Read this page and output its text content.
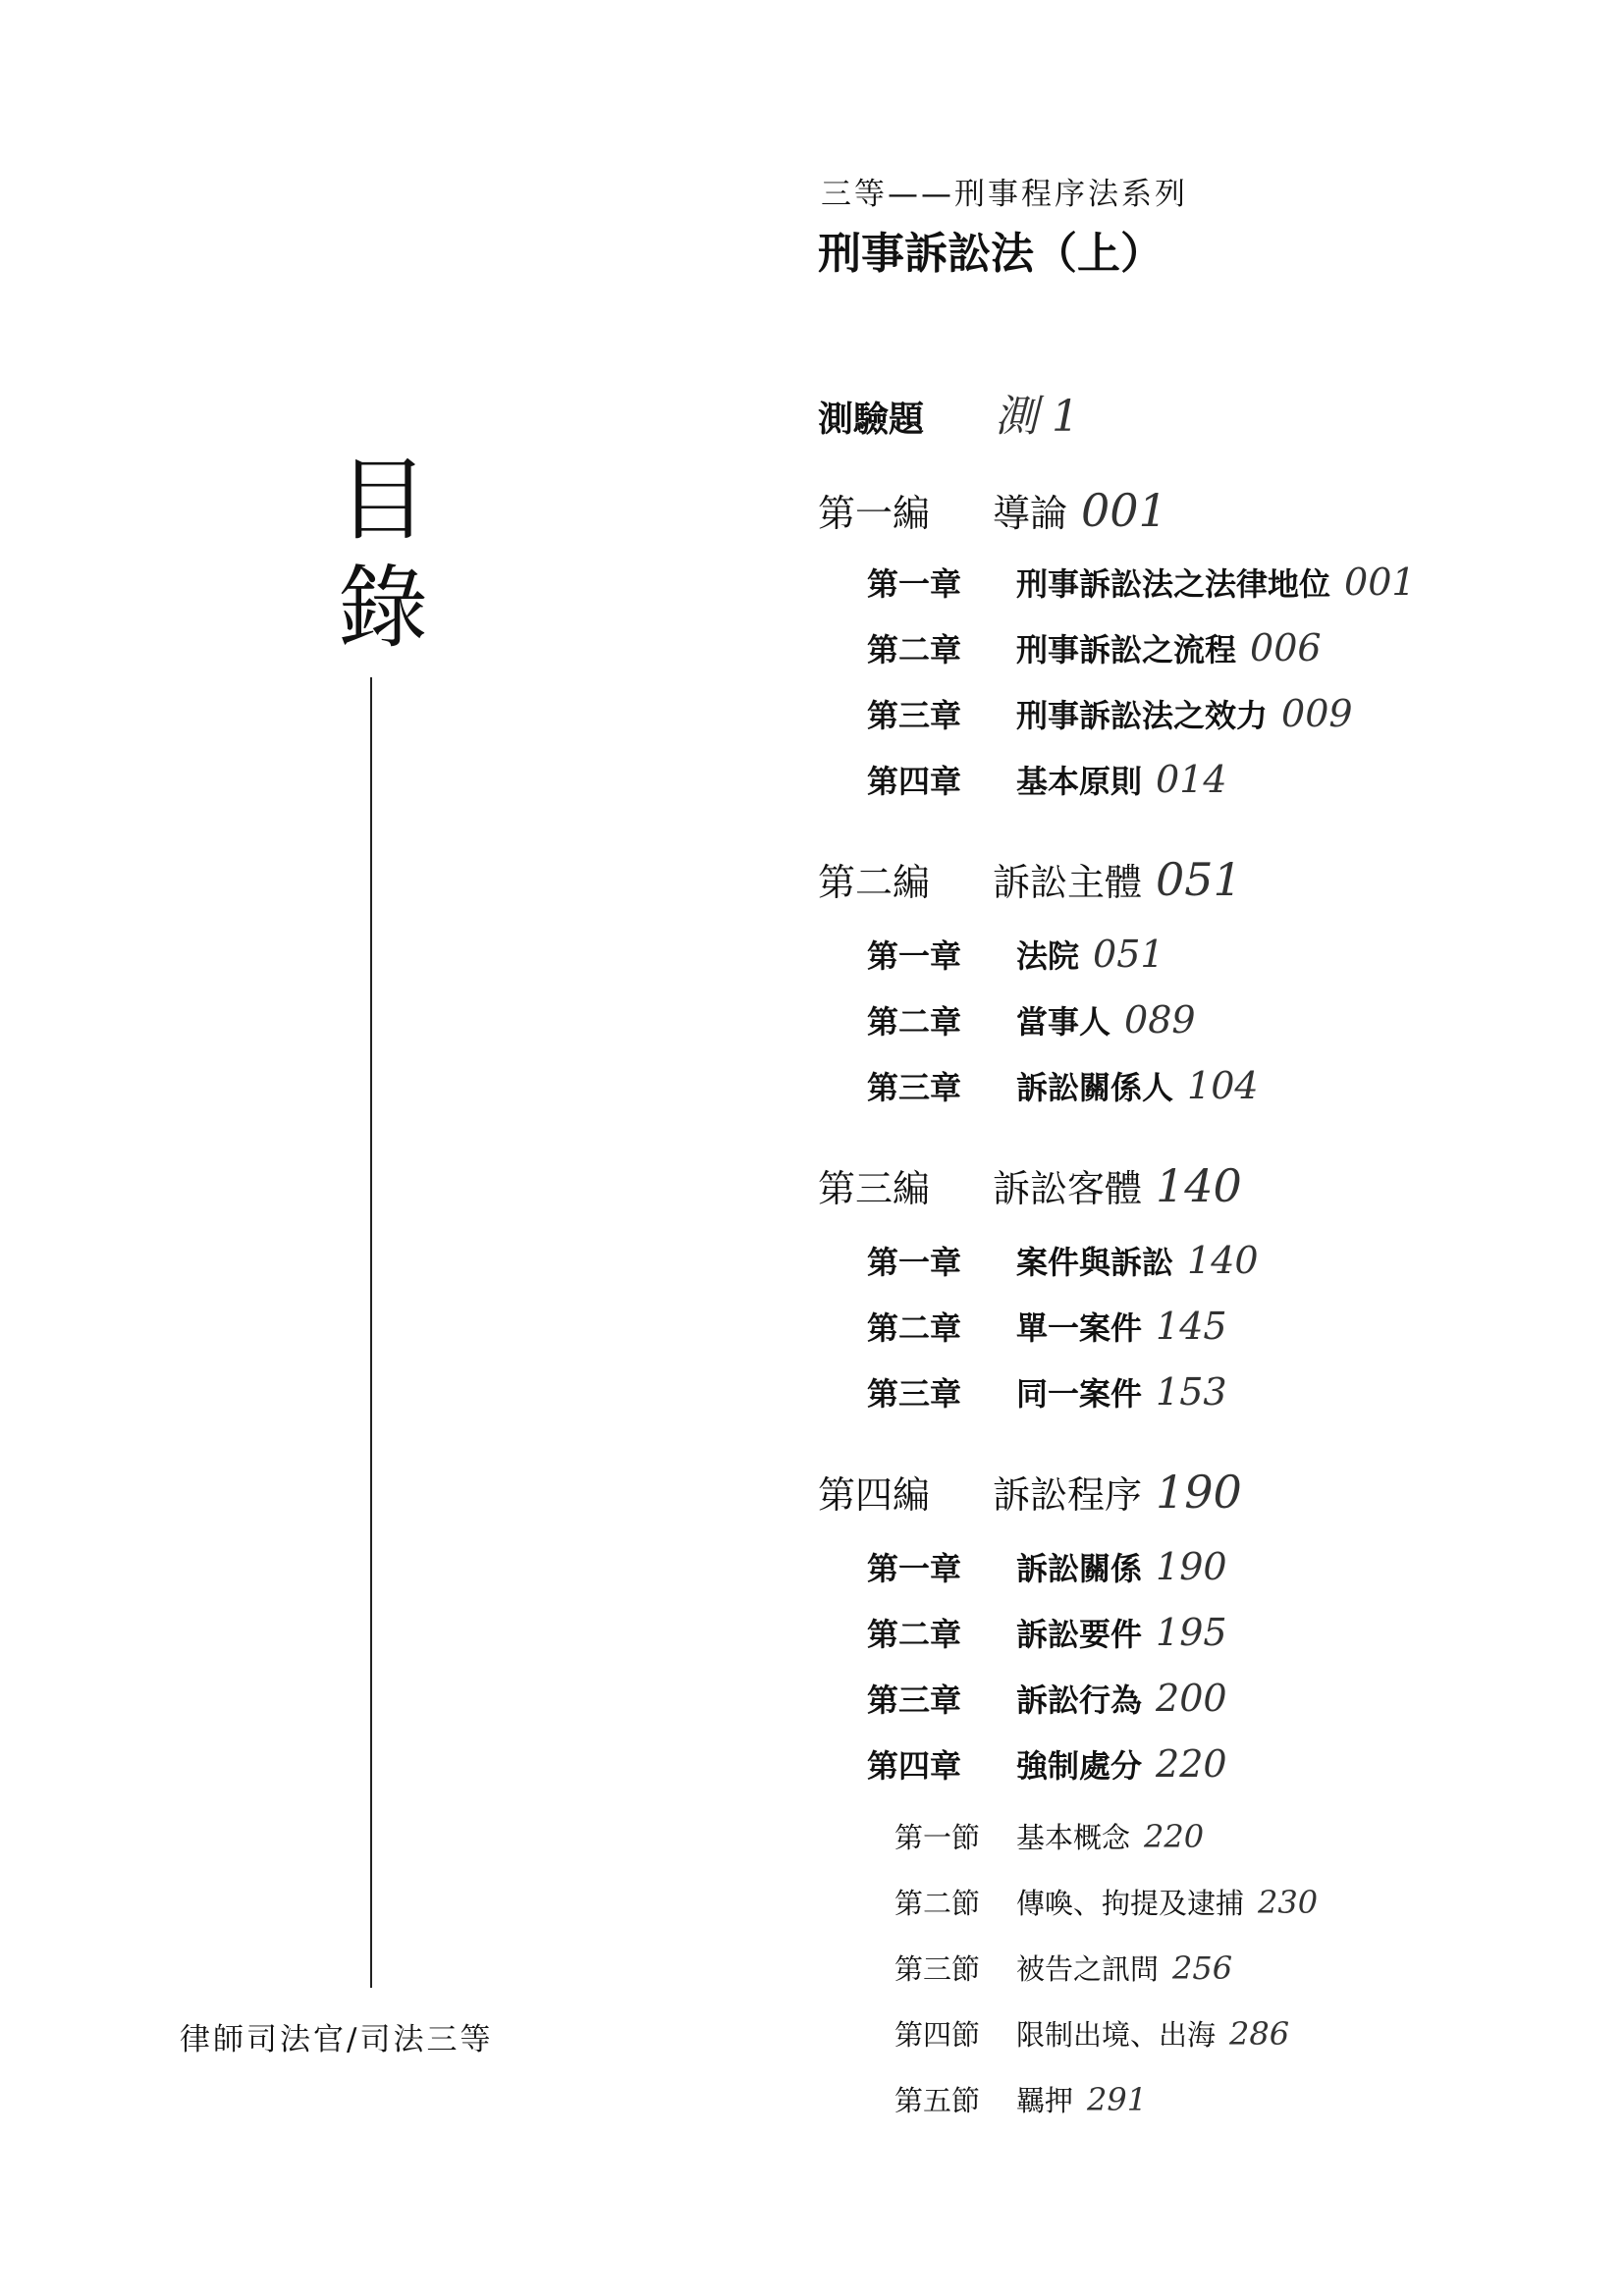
三等——刑事程序法系列
刑事訴訟法（上）
目
錄
律師司法官/司法三等
測驗題	測 1
第一編	導論 001
第一章	刑事訴訟法之法律地位 001
第二章	刑事訴訟之流程 006
第三章	刑事訴訟法之效力 009
第四章	基本原則 014
第二編	訴訟主體 051
第一章	法院 051
第二章	當事人 089
第三章	訴訟關係人 104
第三編	訴訟客體 140
第一章	案件與訴訟 140
第二章	單一案件 145
第三章	同一案件 153
第四編	訴訟程序 190
第一章	訴訟關係 190
第二章	訴訟要件 195
第三章	訴訟行為 200
第四章	強制處分 220
第一節	基本概念 220
第二節	傳喚、拘提及逮捕 230
第三節	被告之訊問 256
第四節	限制出境、出海 286
第五節	羈押 291
